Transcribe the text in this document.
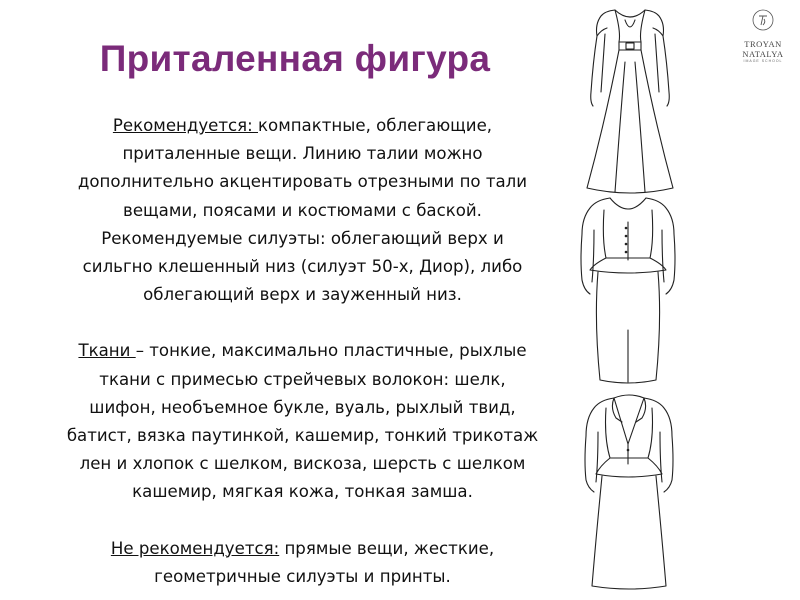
Приталенная фигура	TROYAN NATALYA
IMAGE SCHOOL

Рекомендуется: компактные, облегающие,

приталенные вещи. Линию талии можно

дополнительно акцентировать отрезными по тали

вещами, поясами и костюмами с баской.

Рекомендуемые силуэты: облегающий верх и

сильгно клешенный низ (силуэт 50-х, Диор), либо

облегающий верх и зауженный низ.

Ткани – тонкие, максимально пластичные, рыхлые

ткани с примесью стрейчевых волокон: шелк,

шифон, необъемное букле, вуаль, рыхлый твид,

батист, вязка паутинкой, кашемир, тонкий трикотаж

лен и хлопок с шелком, вискоза, шерсть с шелком

кашемир, мягкая кожа, тонкая замша.

Не рекомендуется: прямые вещи, жесткие,

геометричные силуэты и принты.
